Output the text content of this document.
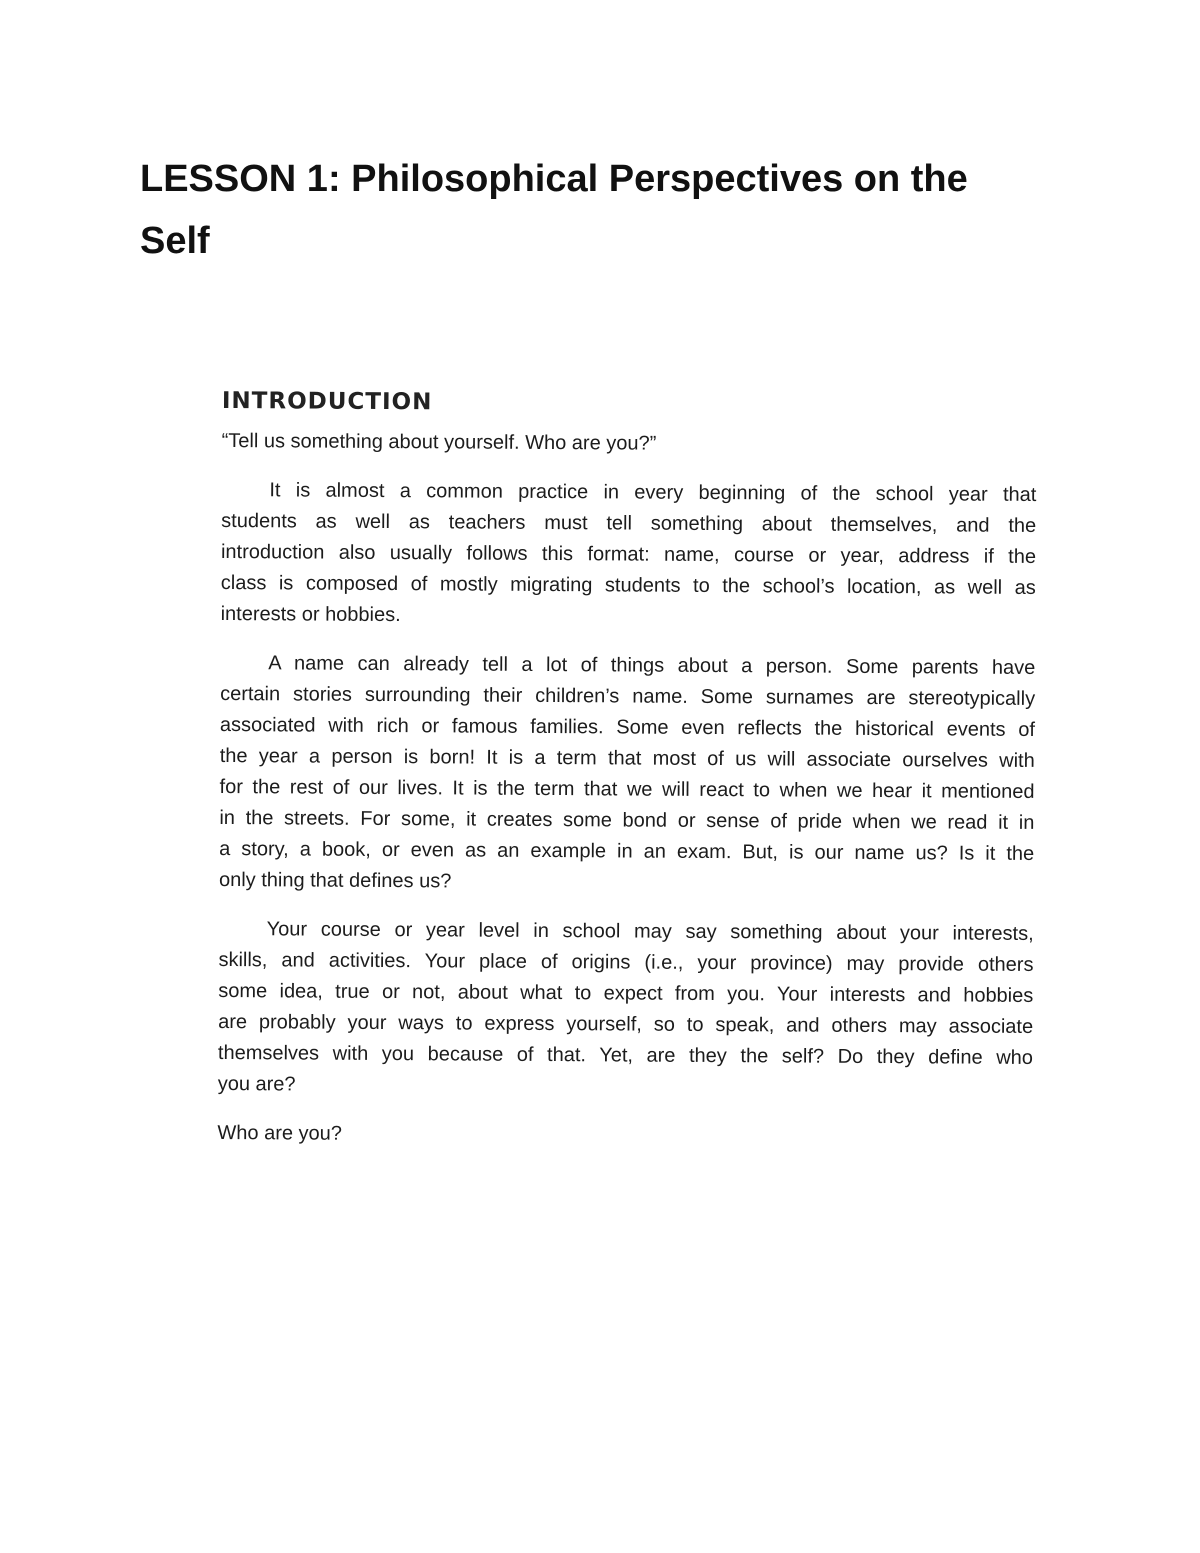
LESSON 1: Philosophical Perspectives on the Self
INTRODUCTION
“Tell us something about yourself. Who are you?”
It is almost a common practice in every beginning of the school year that
students as well as teachers must tell something about themselves, and the
introduction also usually follows this format: name, course or year, address if the
class is composed of mostly migrating students to the school’s location, as well as
interests or hobbies.
A name can already tell a lot of things about a person. Some parents have
certain stories surrounding their children’s name. Some surnames are stereotypically
associated with rich or famous families. Some even reflects the historical events of
the year a person is born! It is a term that most of us will associate ourselves with
for the rest of our lives. It is the term that we will react to when we hear it mentioned
in the streets. For some, it creates some bond or sense of pride when we read it in
a story, a book, or even as an example in an exam. But, is our name us? Is it the
only thing that defines us?
Your course or year level in school may say something about your interests,
skills, and activities. Your place of origins (i.e., your province) may provide others
some idea, true or not, about what to expect from you. Your interests and hobbies
are probably your ways to express yourself, so to speak, and others may associate
themselves with you because of that. Yet, are they the self? Do they define who
you are?
Who are you?
